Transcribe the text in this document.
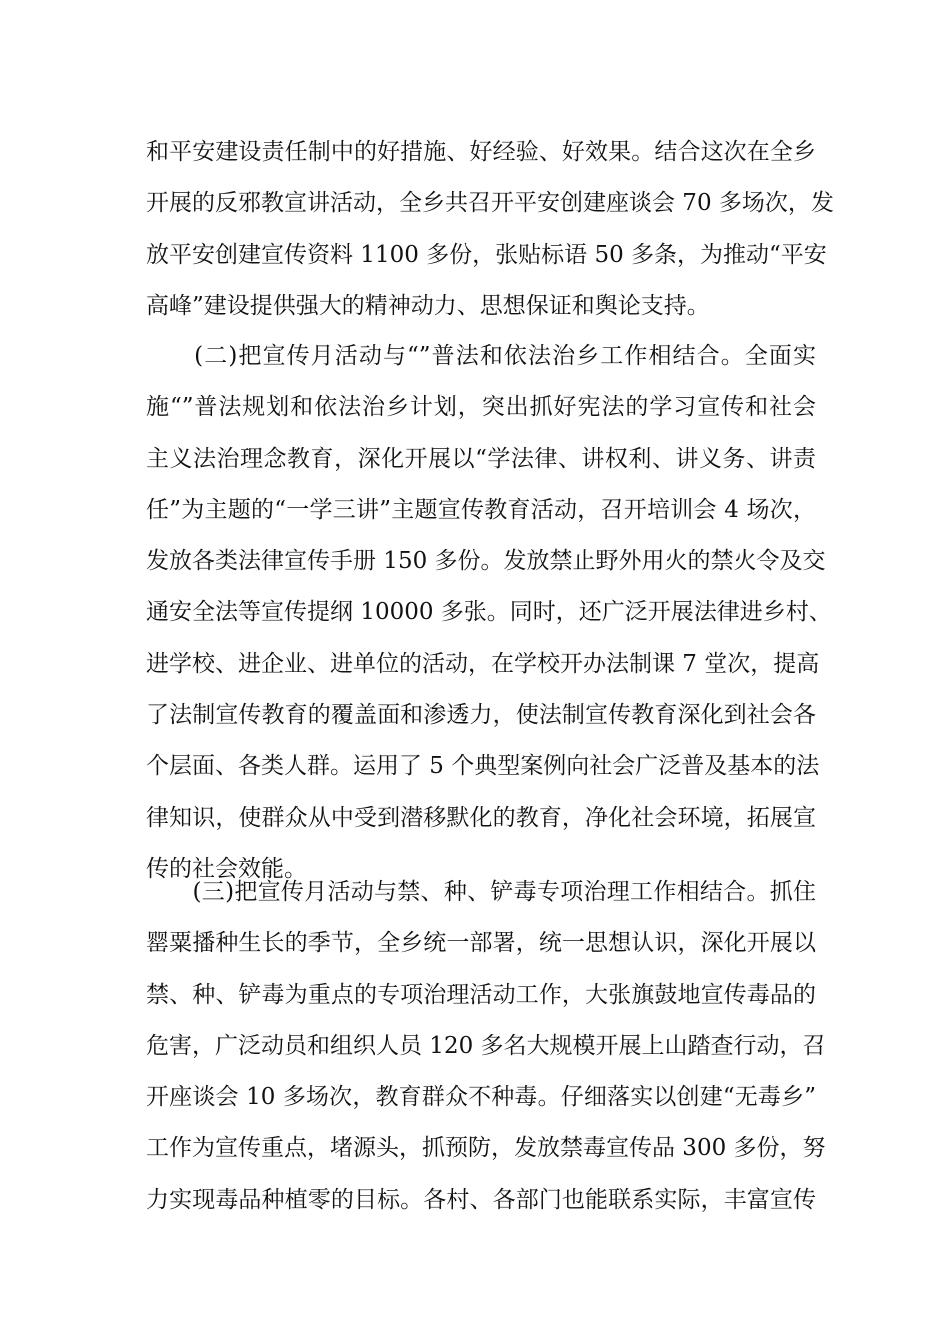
和平安建设责任制中的好措施、好经验、好效果。结合这次在全乡
开展的反邪教宣讲活动，全乡共召开平安创建座谈会 70 多场次，发
放平安创建宣传资料 1100 多份，张贴标语 50 多条，为推动“平安
高峰”建设提供强大的精神动力、思想保证和舆论支持。
　　(二)把宣传月活动与“”普法和依法治乡工作相结合。全面实
施“”普法规划和依法治乡计划，突出抓好宪法的学习宣传和社会
主义法治理念教育，深化开展以“学法律、讲权利、讲义务、讲责
任”为主题的“一学三讲”主题宣传教育活动，召开培训会 4 场次，
发放各类法律宣传手册 150 多份。发放禁止野外用火的禁火令及交
通安全法等宣传提纲 10000 多张。同时，还广泛开展法律进乡村、
进学校、进企业、进单位的活动，在学校开办法制课 7 堂次，提高
了法制宣传教育的覆盖面和渗透力，使法制宣传教育深化到社会各
个层面、各类人群。运用了 5 个典型案例向社会广泛普及基本的法
律知识，使群众从中受到潜移默化的教育，净化社会环境，拓展宣
传的社会效能。
　　(三)把宣传月活动与禁、种、铲毒专项治理工作相结合。抓住
罂粟播种生长的季节，全乡统一部署，统一思想认识，深化开展以
禁、种、铲毒为重点的专项治理活动工作，大张旗鼓地宣传毒品的
危害，广泛动员和组织人员 120 多名大规模开展上山踏查行动，召
开座谈会 10 多场次，教育群众不种毒。仔细落实以创建“无毒乡”
工作为宣传重点，堵源头，抓预防，发放禁毒宣传品 300 多份，努
力实现毒品种植零的目标。各村、各部门也能联系实际，丰富宣传
